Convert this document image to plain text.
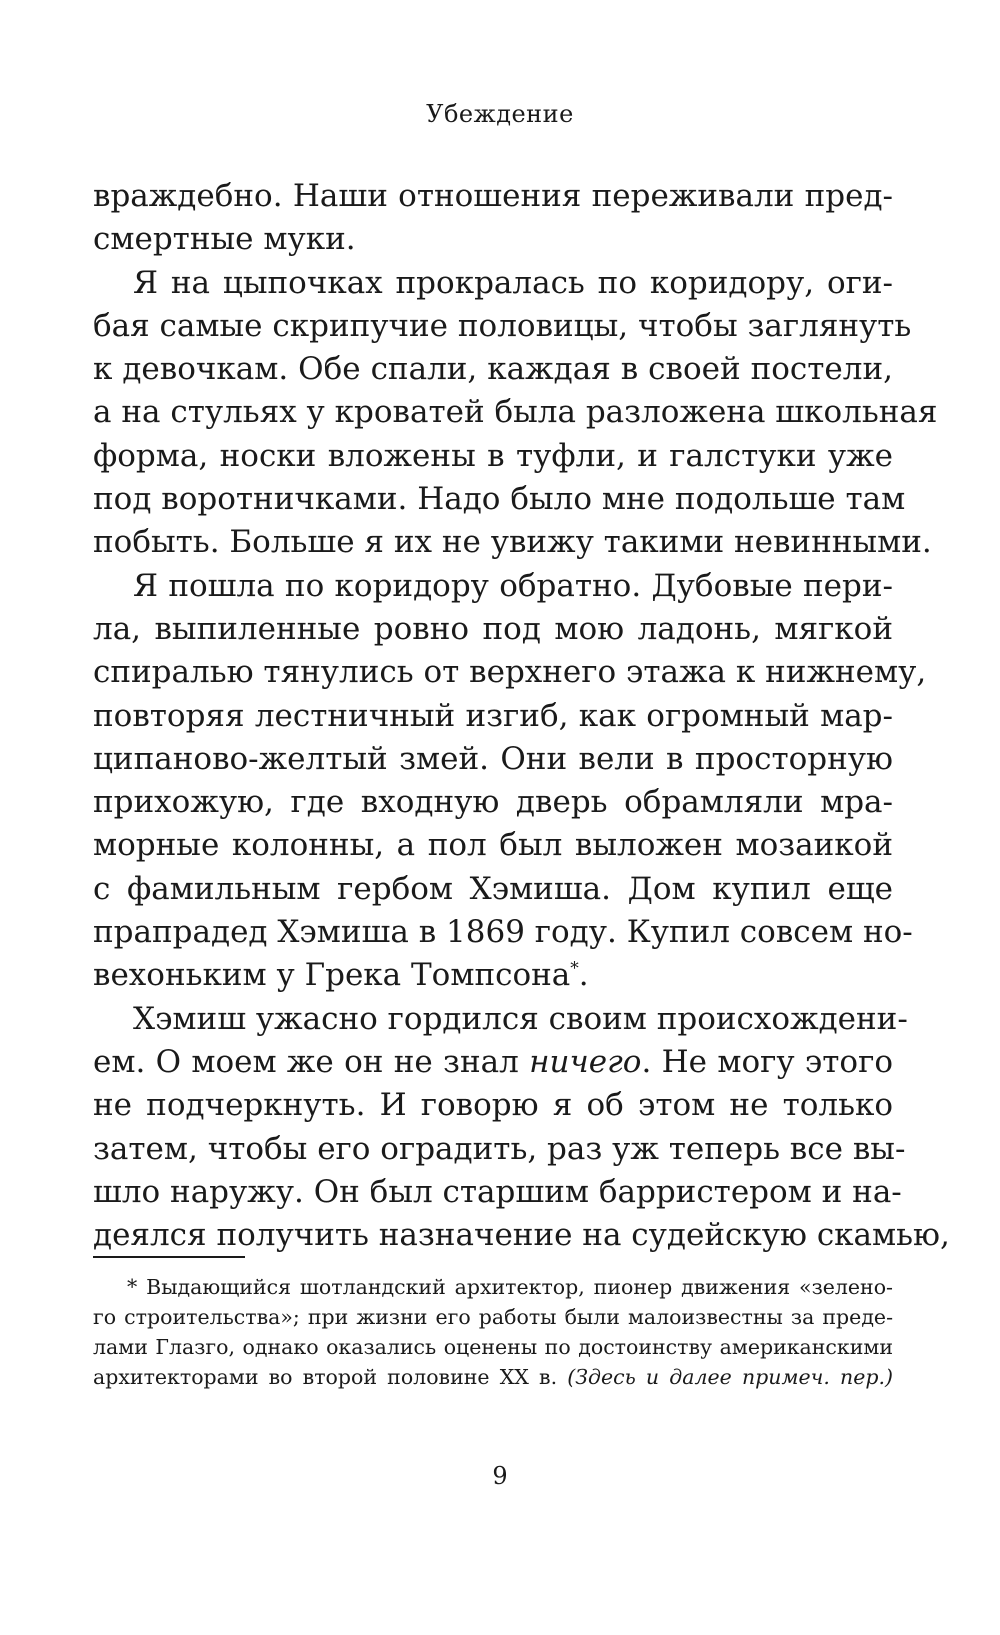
Убеждение
враждебно. Наши отношения переживали пред-
смертные муки.
Я на цыпочках прокралась по коридору, оги-
бая самые скрипучие половицы, чтобы заглянуть
к девочкам. Обе спали, каждая в своей постели,
а на стульях у кроватей была разложена школьная
форма, носки вложены в туфли, и галстуки уже
под воротничками. Надо было мне подольше там
побыть. Больше я их не увижу такими невинными.
Я пошла по коридору обратно. Дубовые пери-
ла, выпиленные ровно под мою ладонь, мягкой
спиралью тянулись от верхнего этажа к нижнему,
повторяя лестничный изгиб, как огромный мар-
ципаново-желтый змей. Они вели в просторную
прихожую, где входную дверь обрамляли мра-
морные колонны, а пол был выложен мозаикой
с фамильным гербом Хэмиша. Дом купил еще
прапрадед Хэмиша в 1869 году. Купил совсем но-
вехоньким у Грека Томпсона*.
Хэмиш ужасно гордился своим происхождени-
ем. О моем же он не знал ничего. Не могу этого
не подчеркнуть. И говорю я об этом не только
затем, чтобы его оградить, раз уж теперь все вы-
шло наружу. Он был старшим барристером и на-
деялся получить назначение на судейскую скамью,
* Выдающийся шотландский архитектор, пионер движения «зелено-
го строительства»; при жизни его работы были малоизвестны за преде-
лами Глазго, однако оказались оценены по достоинству американскими
архитекторами во второй половине XX в. (Здесь и далее примеч. пер.)
9
